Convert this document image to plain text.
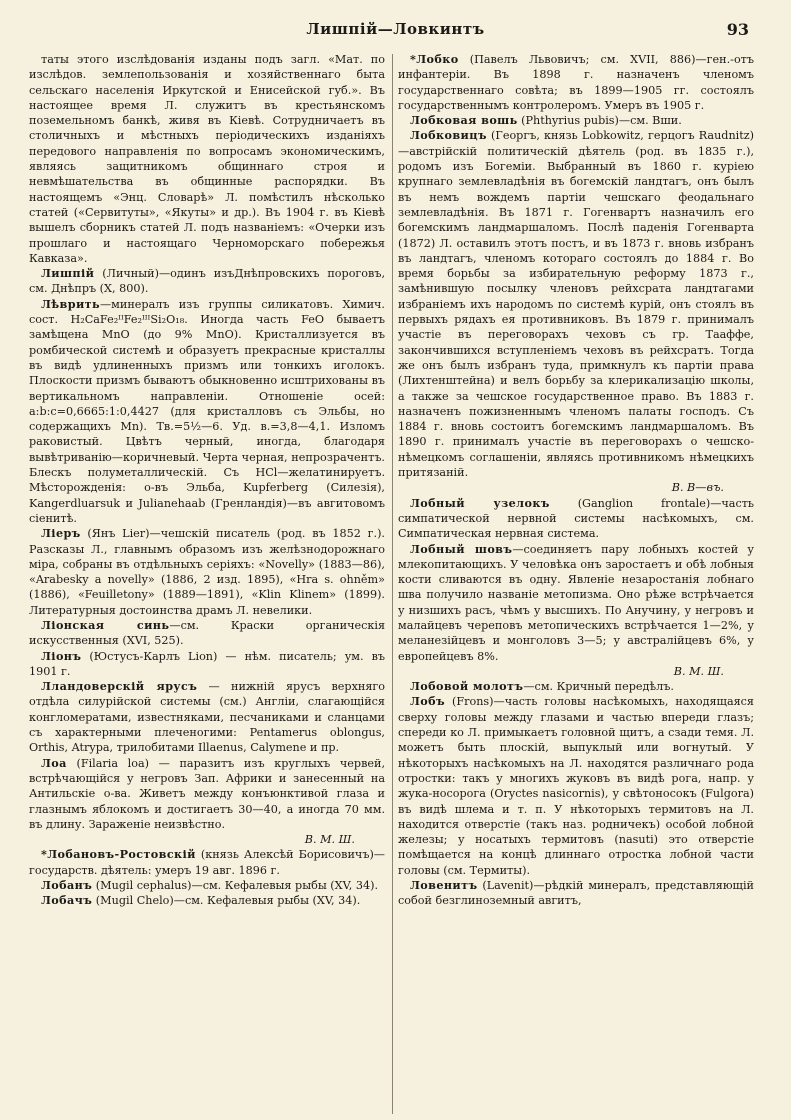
Лишпій—Ловкинтъ	93

таты этого изслѣдованія изданы подъ загл. «Мат. по изслѣдов. землепользованія и хозяйственнаго быта сельскаго населенія Иркутской и Енисейской губ.». Въ настоящее время Л. служитъ въ крестьянскомъ поземельномъ банкѣ, живя въ Кіевѣ. Сотрудничаетъ въ столичныхъ и мѣстныхъ періодическихъ изданіяхъ передового направленія по вопросамъ экономическимъ, являясь защитникомъ общиннаго строя и невмѣшательства въ общинные распорядки. Въ настоящемъ «Энц. Словарѣ» Л. помѣстилъ нѣсколько статей («Сервитуты», «Якуты» и др.). Въ 1904 г. въ Кіевѣ вышелъ сборникъ статей Л. подъ названіемъ: «Очерки изъ прошлаго и настоящаго Черноморскаго побережья Кавказа».

Лишпій (Личный)—одинъ изъДнѣпровскихъ пороговъ, см. Днѣпръ (X, 800).

Лѣврить—минералъ изъ группы силикатовъ. Химич. сост. H₂CaFe₂ᴵᴵFe₂ᴵᴵᴵSi₂O₁₈. Иногда часть FeO бываетъ замѣщена MnO (до 9% MnO). Кристаллизуется въ ромбической системѣ и образуетъ прекрасные кристаллы въ видѣ удлиненныхъ призмъ или тонкихъ иголокъ. Плоскости призмъ бываютъ обыкновенно исштрихованы въ вертикальномъ направленіи. Отношеніе осей: a:b:c=0,6665:1:0,4427 (для кристалловъ съ Эльбы, но содержащихъ Mn). Тв.=5½—6. Уд. в.=3,8—4,1. Изломъ раковистый. Цвѣтъ черный, иногда, благодаря вывѣтриванію—коричневый. Черта черная, непрозрачентъ. Блескъ полуметаллическій. Съ HCl—желатинируетъ. Мѣсторожденія: о-въ Эльба, Kupferberg (Силезія), Kangerdluarsuk и Julianehaab (Гренландія)—въ авгитовомъ сіенитѣ.

Ліеръ (Янъ Lier)—чешскій писатель (род. въ 1852 г.). Разсказы Л., главнымъ образомъ изъ желѣзнодорожнаго міра, собраны въ отдѣльныхъ серіяхъ: «Novelly» (1883—86), «Arabesky a novelly» (1886, 2 изд. 1895), «Hra s. ohněm» (1886), «Feuilletony» (1889—1891), «Klin Klinem» (1899). Литературныя достоинства драмъ Л. невелики.

Ліонская синь—см. Краски органическія искусственныя (XVI, 525).

Ліонъ (Юстусъ-Карлъ Lion) — нѣм. писатель; ум. въ 1901 г.

Лландоверскій ярусъ — нижній ярусъ верхняго отдѣла силурійской системы (см.) Англіи, слагающійся конгломератами, известняками, песчаниками и сланцами съ характерными плеченогими: Pentamerus oblongus, Orthis, Atrypa, трилобитами Illaenus, Calymene и пр.

Лоа (Filaria loa) — паразитъ изъ круглыхъ червей, встрѣчающійся у негровъ Зап. Африки и занесенный на Антильскіе о-ва. Живетъ между конъюнктивой глаза и глазнымъ яблокомъ и достигаетъ 30—40, а иногда 70 мм. въ длину. Зараженіе неизвѣстно.

В. М. Ш.

*Лобановъ-Ростовскій (князь Алексѣй Борисовичъ)—государств. дѣятель: умеръ 19 авг. 1896 г.

Лобанъ (Mugil cephalus)—см. Кефалевыя рыбы (XV, 34).

Лобачъ (Mugil Chelo)—см. Кефалевыя рыбы (XV, 34).

*Лобко (Павелъ Львовичъ; см. XVII, 886)—ген.-отъ инфантеріи. Въ 1898 г. назначенъ членомъ государственнаго совѣта; въ 1899—1905 гг. состоялъ государственнымъ контролеромъ. Умеръ въ 1905 г.

Лобковая вошь (Phthyrius pubis)—см. Вши.

Лобковицъ (Георгъ, князь Lobkowitz, герцогъ Raudnitz)—австрійскій политическій дѣятель (род. въ 1835 г.), родомъ изъ Богеміи. Выбранный въ 1860 г. куріею крупнаго землевладѣнія въ богемскій ландтагъ, онъ былъ въ немъ вождемъ партіи чешскаго феодальнаго землевладѣнія. Въ 1871 г. Гогенвартъ назначилъ его богемскимъ ландмаршаломъ. Послѣ паденія Гогенварта (1872) Л. оставилъ этотъ постъ, и въ 1873 г. вновь избранъ въ ландтагъ, членомъ котораго состоялъ до 1884 г. Во время борьбы за избирательную реформу 1873 г., замѣнившую посылку членовъ рейхсрата ландтагами избраніемъ ихъ народомъ по системѣ курій, онъ стоялъ въ первыхъ рядахъ ея противниковъ. Въ 1879 г. принималъ участіе въ переговорахъ чеховъ съ гр. Тааффе, закончившихся вступленіемъ чеховъ въ рейхсратъ. Тогда же онъ былъ избранъ туда, примкнулъ къ партіи права (Лихтенштейна) и велъ борьбу за клерикализацію школы, а также за чешское государственное право. Въ 1883 г. назначенъ пожизненнымъ членомъ палаты господъ. Съ 1884 г. вновь состоитъ богемскимъ ландмаршаломъ. Въ 1890 г. принималъ участіе въ переговорахъ о чешско-нѣмецкомъ соглашеніи, являясь противникомъ нѣмецкихъ притязаній.

В. В—въ.

Лобный узелокъ (Ganglion frontale)—часть симпатической нервной системы насѣкомыхъ, см. Симпатическая нервная система.

Лобный шовъ—соединяетъ пару лобныхъ костей у млекопитающихъ. У человѣка онъ заростаетъ и обѣ лобныя кости сливаются въ одну. Явленіе незаростанія лобнаго шва получило названіе метопизма. Оно рѣже встрѣчается у низшихъ расъ, чѣмъ у высшихъ. По Анучину, у негровъ и малайцевъ череповъ метопическихъ встрѣчается 1—2%, у меланезійцевъ и монголовъ 3—5; у австралійцевъ 6%, у европейцевъ 8%.

В. М. Ш.

Лобовой молотъ—см. Кричный передѣлъ.

Лобъ (Frons)—часть головы насѣкомыхъ, находящаяся сверху головы между глазами и частью впереди глазъ; спереди ко Л. примыкаетъ головной щитъ, а сзади темя. Л. можетъ быть плоскій, выпуклый или вогнутый. У нѣкоторыхъ насѣкомыхъ на Л. находятся различнаго рода отростки: такъ у многихъ жуковъ въ видѣ рога, напр. у жука-носорога (Oryctes nasicornis), у свѣтоносокъ (Fulgora) въ видѣ шлема и т. п. У нѣкоторыхъ термитовъ на Л. находится отверстіе (такъ наз. родничекъ) особой лобной железы; у носатыхъ термитовъ (nasuti) это отверстіе помѣщается на концѣ длиннаго отростка лобной части головы (см. Термиты).

Ловенитъ (Lavenit)—рѣдкій минералъ, представляющій собой безглиноземный авгитъ,
